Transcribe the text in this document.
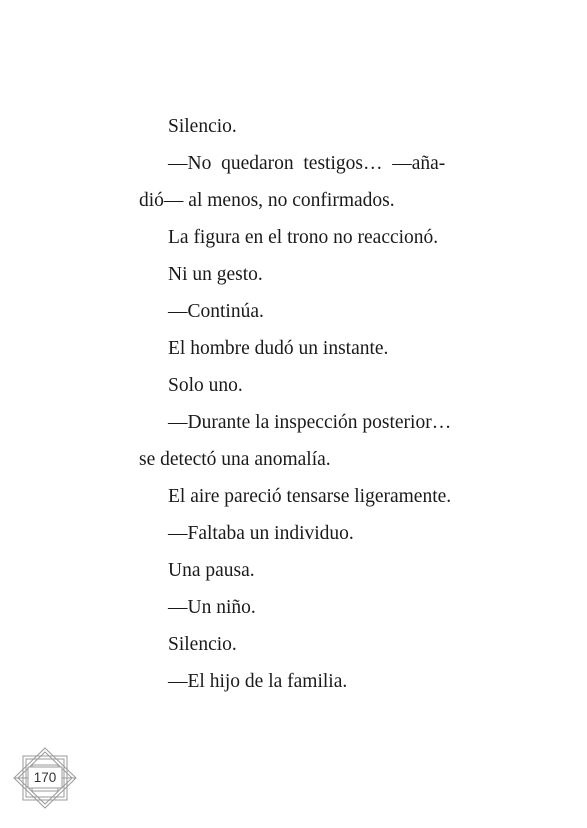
Silencio.

—No  quedaron  testigos…  —aña-
dió— al menos, no confirmados.

La figura en el trono no reaccionó.

Ni un gesto.

—Continúa.

El hombre dudó un instante.

Solo uno.

—Durante la inspección posterior…
se detectó una anomalía.

El aire pareció tensarse ligeramente.

—Faltaba un individuo.

Una pausa.

—Un niño.

Silencio.

—El hijo de la familia.

170
